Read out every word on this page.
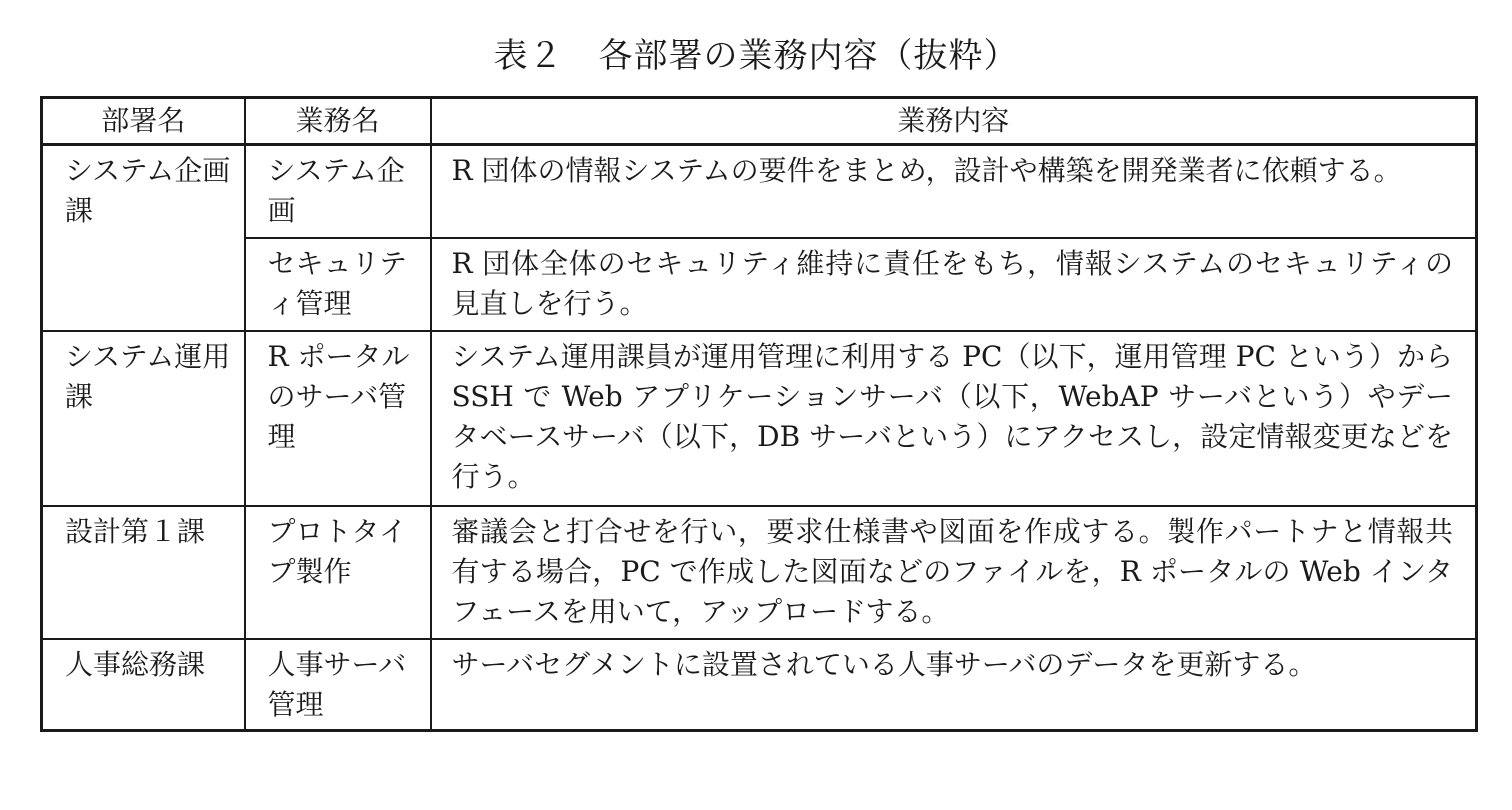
表２　各部署の業務内容（抜粋）
部署名	業務名	業務内容
システム企画課	システム企画	R 団体の情報システムの要件をまとめ，設計や構築を開発業者に依頼する。
	セキュリティ管理	R 団体全体のセキュリティ維持に責任をもち，情報システムのセキュリティの見直しを行う。
システム運用課	R ポータルのサーバ管理	システム運用課員が運用管理に利用する PC（以下，運用管理 PC という）から SSH で Web アプリケーションサーバ（以下，WebAP サーバという）やデータベースサーバ（以下，DB サーバという）にアクセスし，設定情報変更などを行う。
設計第１課	プロトタイプ製作	審議会と打合せを行い，要求仕様書や図面を作成する。製作パートナと情報共有する場合，PC で作成した図面などのファイルを，R ポータルの Web インタフェースを用いて，アップロードする。
人事総務課	人事サーバ管理	サーバセグメントに設置されている人事サーバのデータを更新する。
